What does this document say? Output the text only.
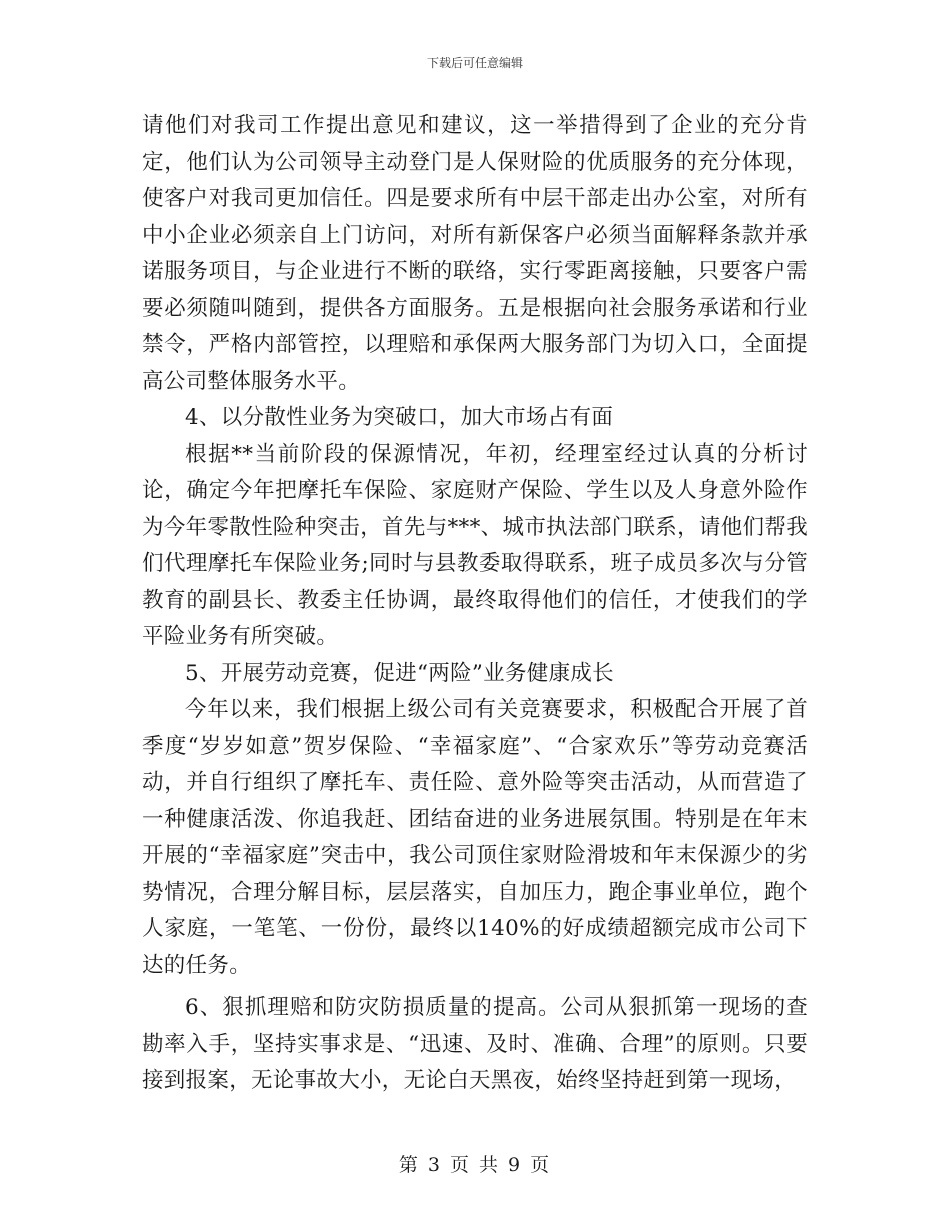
下载后可任意编辑

请他们对我司工作提出意见和建议，这一举措得到了企业的充分肯定，他们认为公司领导主动登门是人保财险的优质服务的充分体现，使客户对我司更加信任。四是要求所有中层干部走出办公室，对所有中小企业必须亲自上门访问，对所有新保客户必须当面解释条款并承诺服务项目，与企业进行不断的联络，实行零距离接触，只要客户需要必须随叫随到，提供各方面服务。五是根据向社会服务承诺和行业禁令，严格内部管控，以理赔和承保两大服务部门为切入口，全面提高公司整体服务水平。

4、以分散性业务为突破口，加大市场占有面

根据**当前阶段的保源情况，年初，经理室经过认真的分析讨论，确定今年把摩托车保险、家庭财产保险、学生以及人身意外险作为今年零散性险种突击，首先与***、城市执法部门联系，请他们帮我们代理摩托车保险业务;同时与县教委取得联系，班子成员多次与分管教育的副县长、教委主任协调，最终取得他们的信任，才使我们的学平险业务有所突破。

5、开展劳动竞赛，促进“两险”业务健康成长

今年以来，我们根据上级公司有关竞赛要求，积极配合开展了首季度“岁岁如意”贺岁保险、“幸福家庭”、“合家欢乐”等劳动竞赛活动，并自行组织了摩托车、责任险、意外险等突击活动，从而营造了一种健康活泼、你追我赶、团结奋进的业务进展氛围。特别是在年末开展的“幸福家庭”突击中，我公司顶住家财险滑坡和年末保源少的劣势情况，合理分解目标，层层落实，自加压力，跑企事业单位，跑个人家庭，一笔笔、一份份，最终以140%的好成绩超额完成市公司下达的任务。

6、狠抓理赔和防灾防损质量的提高。公司从狠抓第一现场的查勘率入手，坚持实事求是、“迅速、及时、准确、合理”的原则。只要接到报案，无论事故大小，无论白天黑夜，始终坚持赶到第一现场，

第 3 页 共 9 页
